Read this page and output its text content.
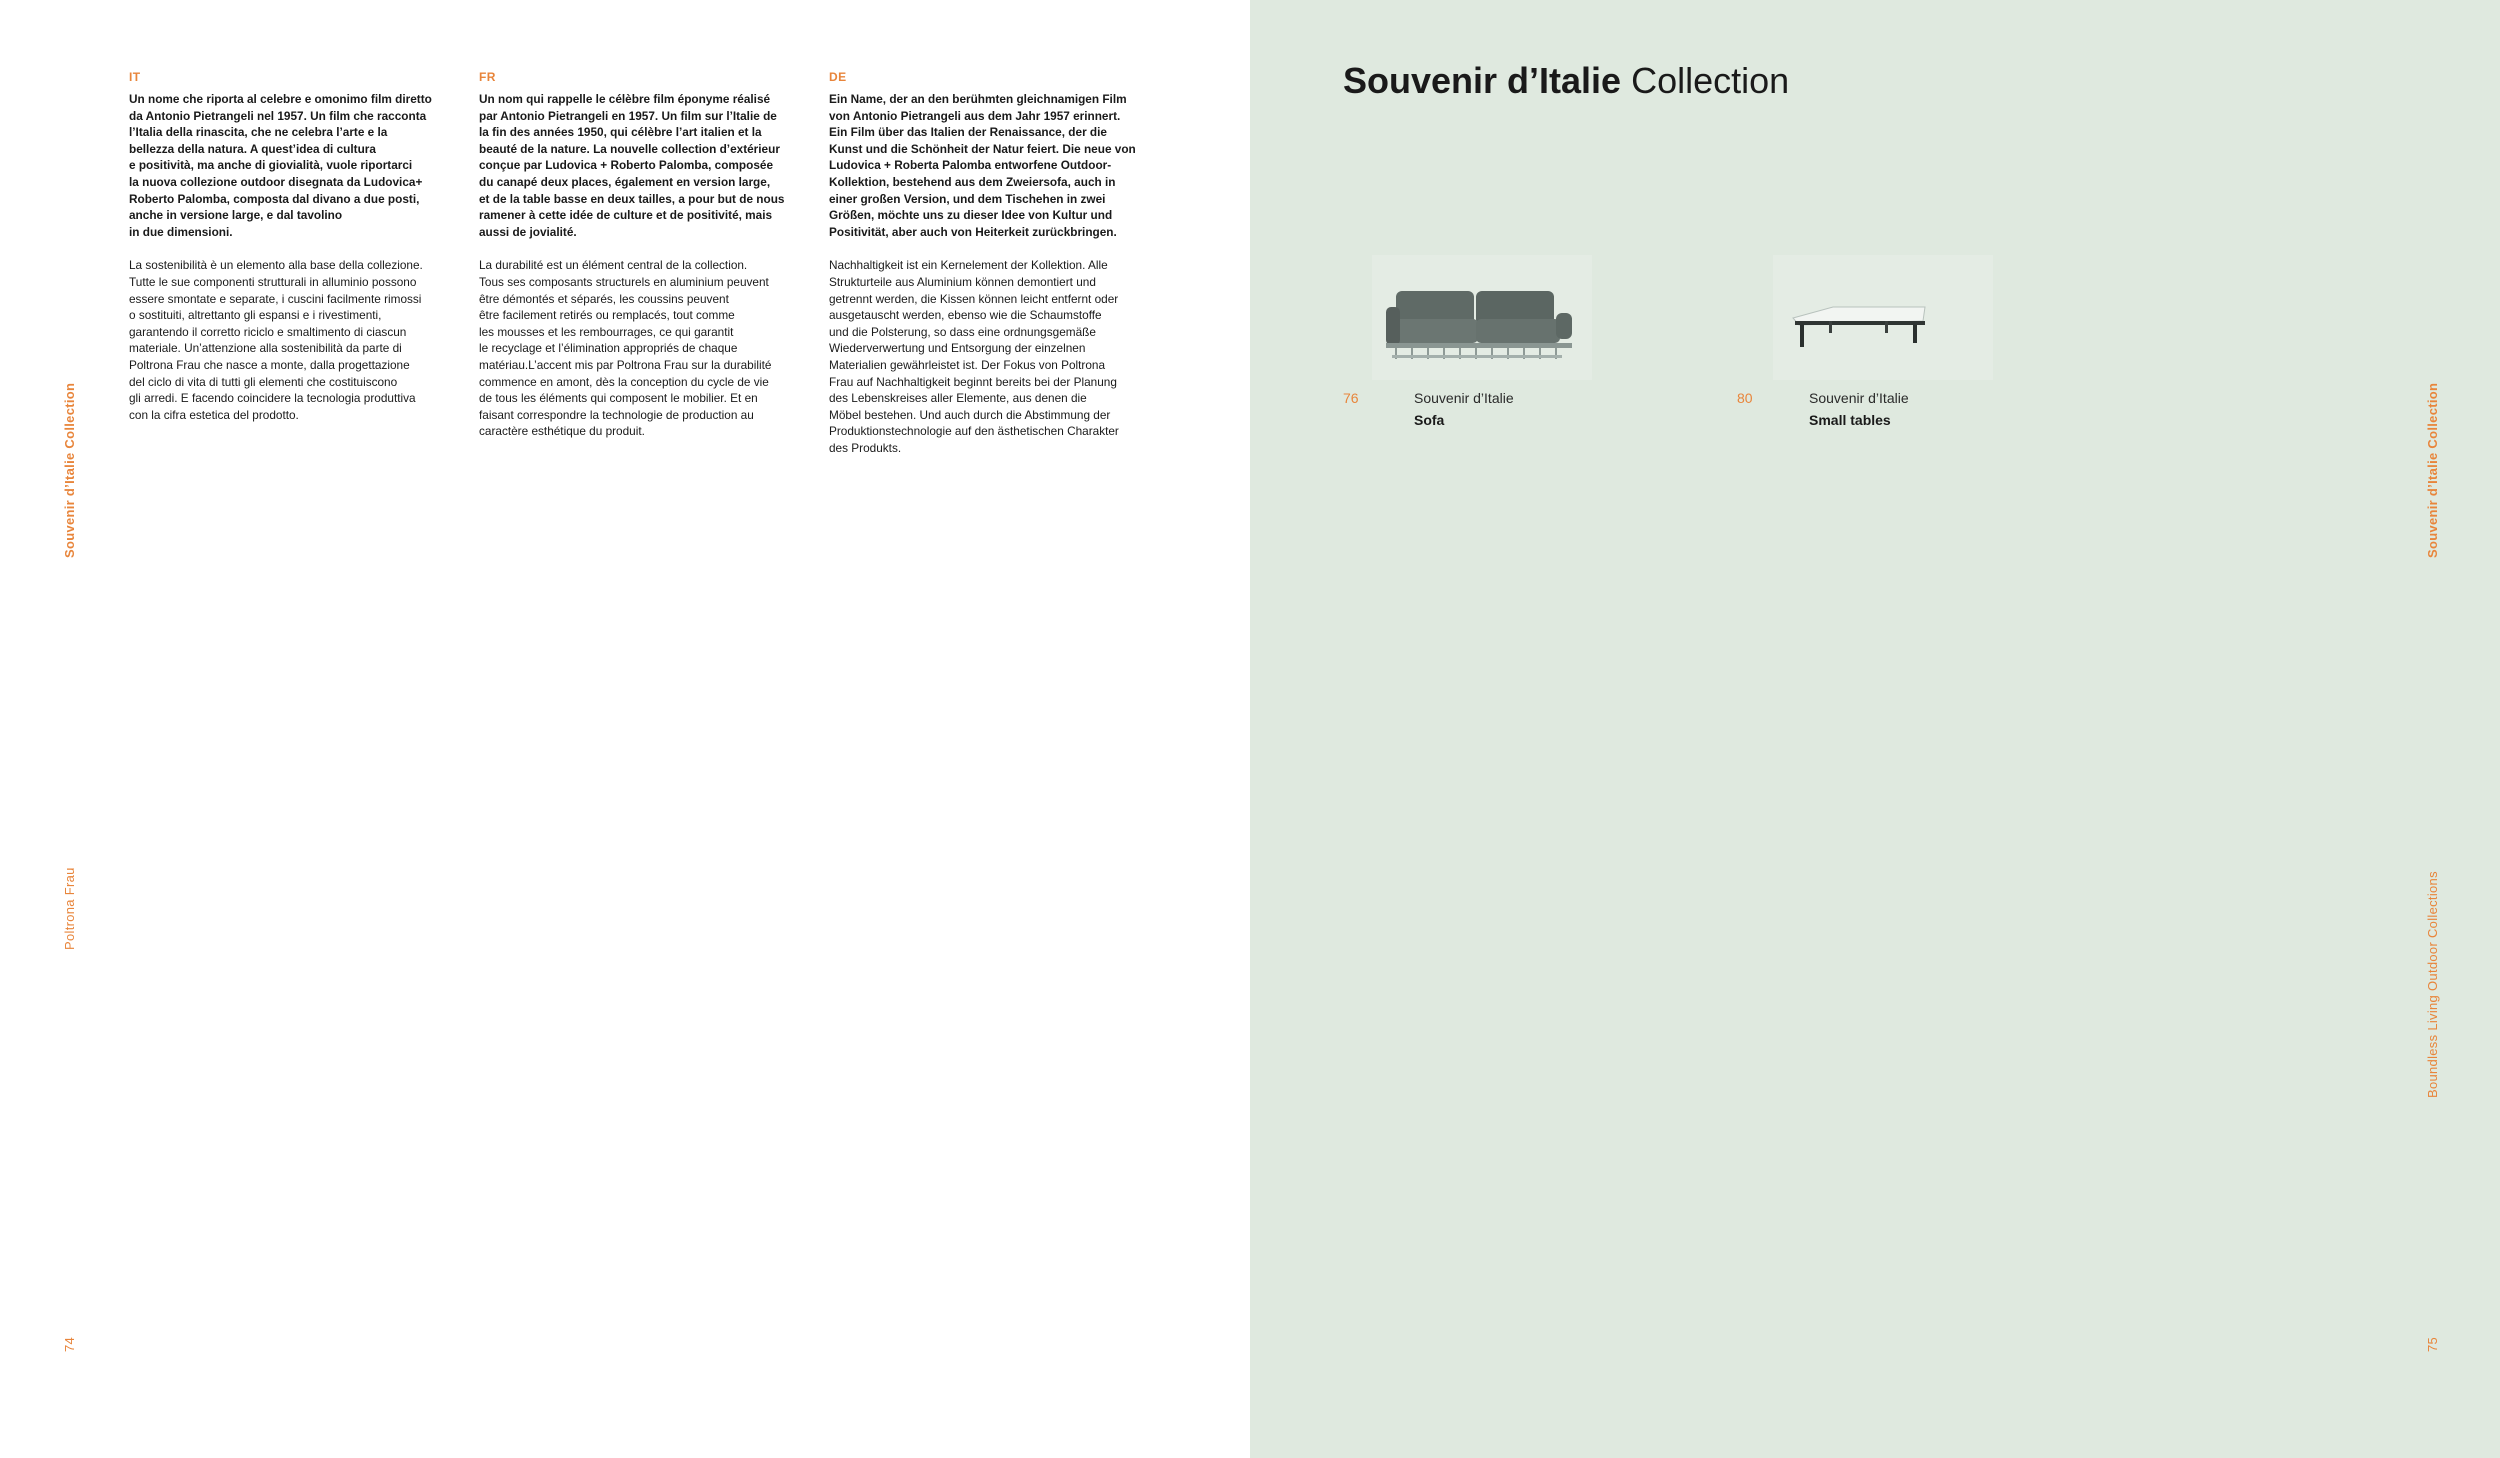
Souvenir d’Italie Collection
Poltrona Frau
74
IT

Un nome che riporta al celebre e omonimo film diretto
da Antonio Pietrangeli nel 1957. Un film che racconta
l’Italia della rinascita, che ne celebra l’arte e la
bellezza della natura. A quest’idea di cultura
e positività, ma anche di giovialità, vuole riportarci
la nuova collezione outdoor disegnata da Ludovica+
Roberto Palomba, composta dal divano a due posti,
anche in versione large, e dal tavolino
in due dimensioni.

La sostenibilità è un elemento alla base della collezione.
Tutte le sue componenti strutturali in alluminio possono
essere smontate e separate, i cuscini facilmente rimossi
o sostituiti, altrettanto gli espansi e i rivestimenti,
garantendo il corretto riciclo e smaltimento di ciascun
materiale. Un’attenzione alla sostenibilità da parte di
Poltrona Frau che nasce a monte, dalla progettazione
del ciclo di vita di tutti gli elementi che costituiscono
gli arredi. E facendo coincidere la tecnologia produttiva
con la cifra estetica del prodotto.

FR

Un nom qui rappelle le célèbre film éponyme réalisé
par Antonio Pietrangeli en 1957. Un film sur l’Italie de
la fin des années 1950, qui célèbre l’art italien et la
beauté de la nature. La nouvelle collection d’extérieur
conçue par Ludovica + Roberto Palomba, composée
du canapé deux places, également en version large,
et de la table basse en deux tailles, a pour but de nous
ramener à cette idée de culture et de positivité, mais
aussi de jovialité.

La durabilité est un élément central de la collection.
Tous ses composants structurels en aluminium peuvent
être démontés et séparés, les coussins peuvent
être facilement retirés ou remplacés, tout comme
les mousses et les rembourrages, ce qui garantit
le recyclage et l’élimination appropriés de chaque
matériau.L’accent mis par Poltrona Frau sur la durabilité
commence en amont, dès la conception du cycle de vie
de tous les éléments qui composent le mobilier. Et en
faisant correspondre la technologie de production au
caractère esthétique du produit.

DE

Ein Name, der an den berühmten gleichnamigen Film
von Antonio Pietrangeli aus dem Jahr 1957 erinnert.
Ein Film über das Italien der Renaissance, der die
Kunst und die Schönheit der Natur feiert. Die neue von
Ludovica + Roberta Palomba entworfene Outdoor-
Kollektion, bestehend aus dem Zweiersofa, auch in
einer großen Version, und dem Tischehen in zwei
Größen, möchte uns zu dieser Idee von Kultur und
Positivität, aber auch von Heiterkeit zurückbringen.

Nachhaltigkeit ist ein Kernelement der Kollektion. Alle
Strukturteile aus Aluminium können demontiert und
getrennt werden, die Kissen können leicht entfernt oder
ausgetauscht werden, ebenso wie die Schaumstoffe
und die Polsterung, so dass eine ordnungsgemäße
Wiederverwertung und Entsorgung der einzelnen
Materialien gewährleistet ist. Der Fokus von Poltrona
Frau auf Nachhaltigkeit beginnt bereits bei der Planung
des Lebenskreises aller Elemente, aus denen die
Möbel bestehen. Und auch durch die Abstimmung der
Produktionstechnologie auf den ästhetischen Charakter
des Produkts.

Souvenir d’Italie Collection
76	Souvenir d’Italie
Sofa
80	Souvenir d’Italie
Small tables	Souvenir d’Italie Collection
Boundless Living Outdoor Collections
75
